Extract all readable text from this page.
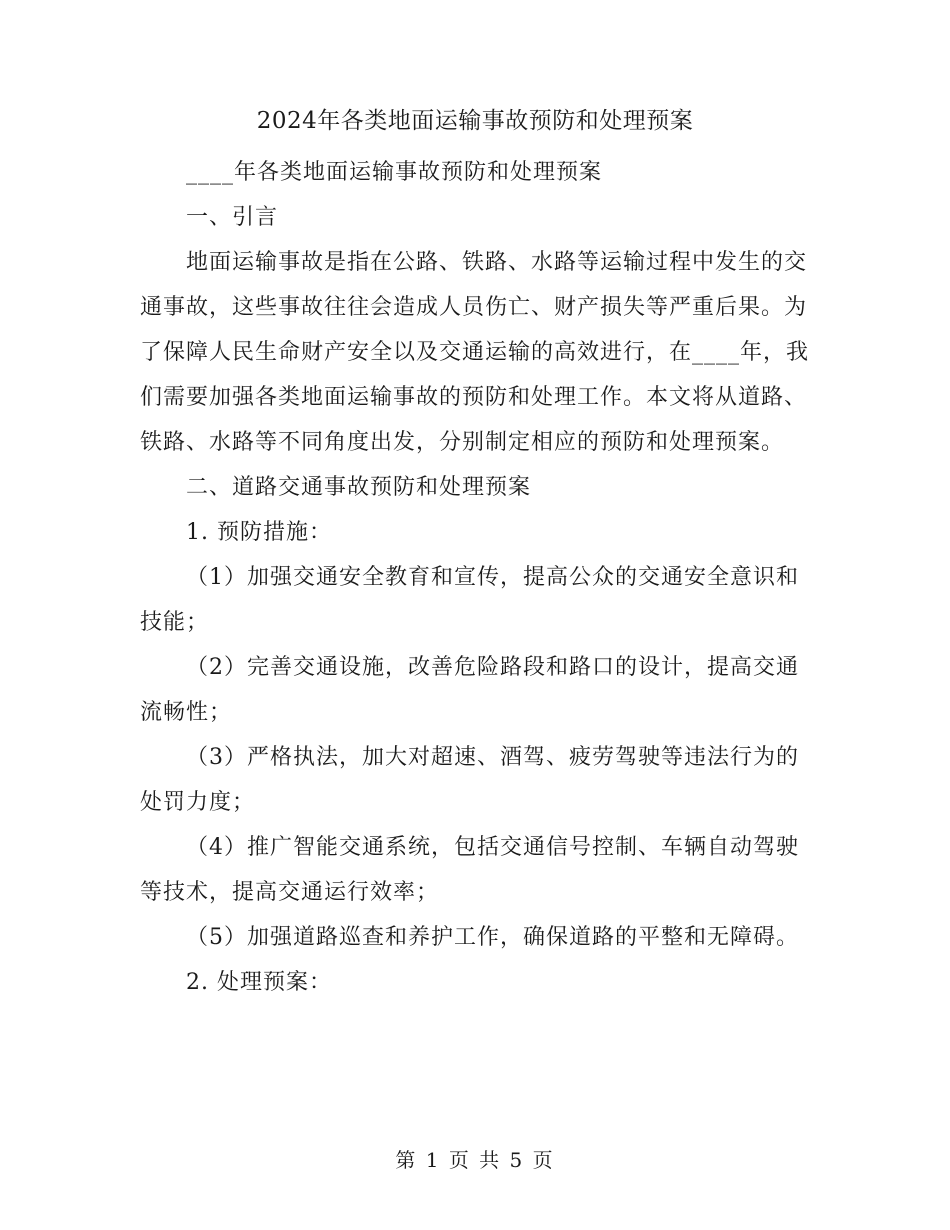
2024年各类地面运输事故预防和处理预案

____年各类地面运输事故预防和处理预案

一、引言

地面运输事故是指在公路、铁路、水路等运输过程中发生的交通事故，这些事故往往会造成人员伤亡、财产损失等严重后果。为了保障人民生命财产安全以及交通运输的高效进行，在____年，我们需要加强各类地面运输事故的预防和处理工作。本文将从道路、铁路、水路等不同角度出发，分别制定相应的预防和处理预案。

二、道路交通事故预防和处理预案

1. 预防措施：

（1）加强交通安全教育和宣传，提高公众的交通安全意识和技能；

（2）完善交通设施，改善危险路段和路口的设计，提高交通流畅性；

（3）严格执法，加大对超速、酒驾、疲劳驾驶等违法行为的处罚力度；

（4）推广智能交通系统，包括交通信号控制、车辆自动驾驶等技术，提高交通运行效率；

（5）加强道路巡查和养护工作，确保道路的平整和无障碍。

2. 处理预案：

第 1 页 共 5 页
